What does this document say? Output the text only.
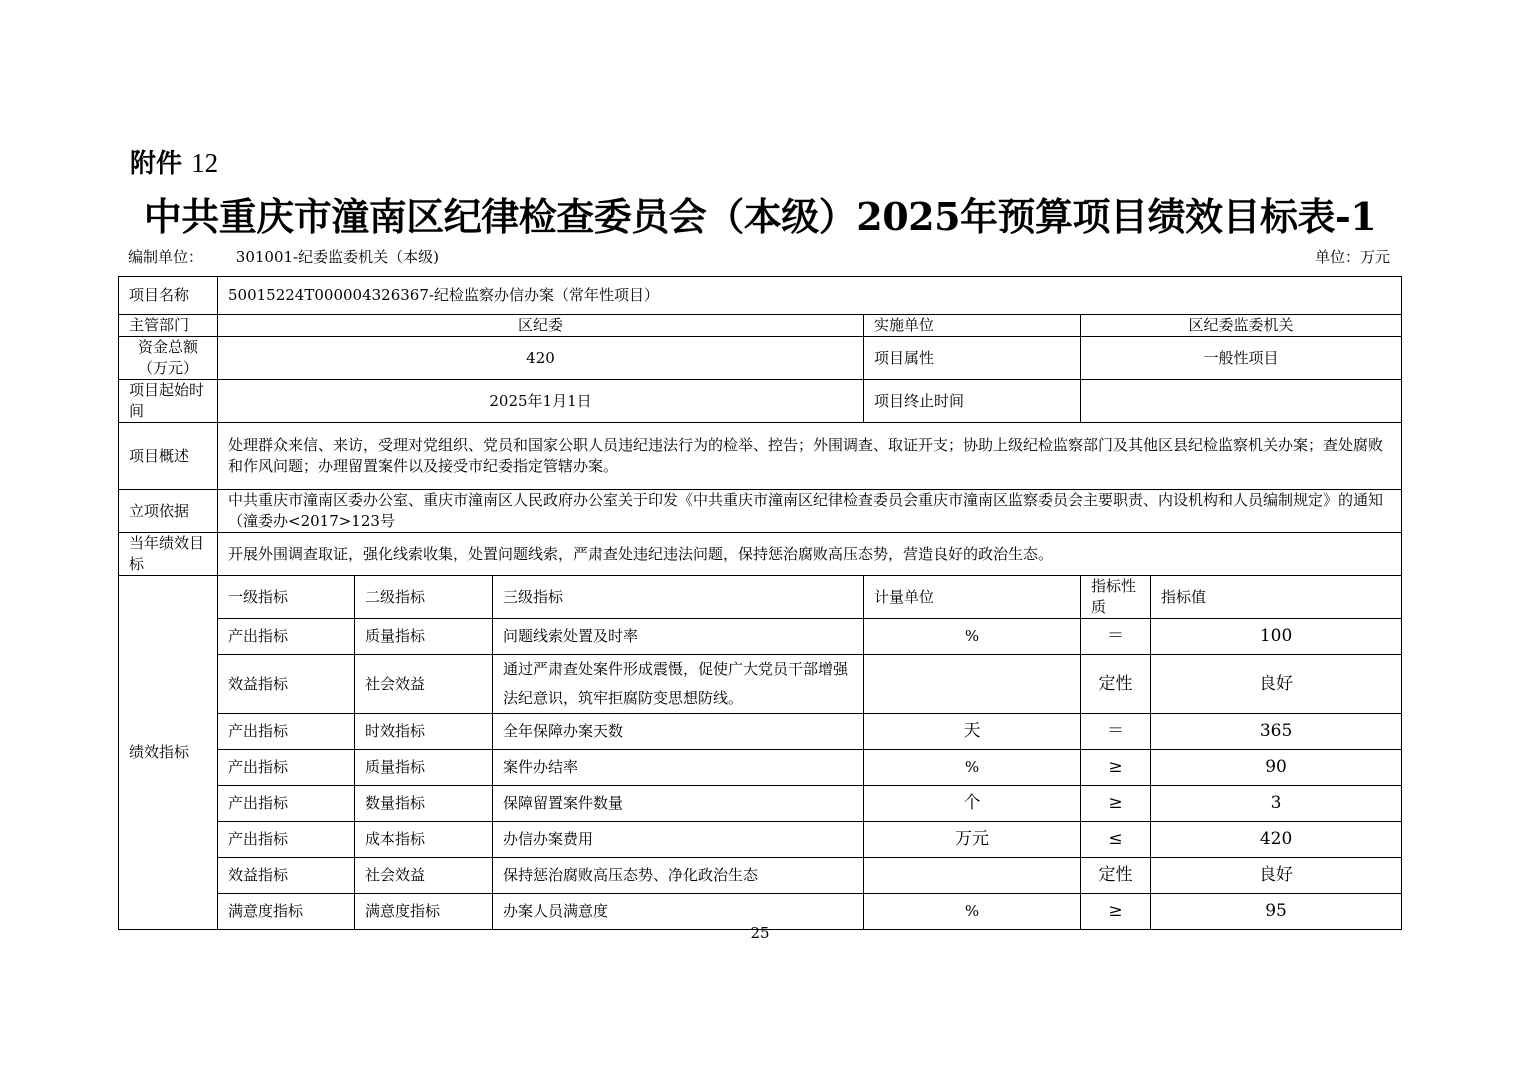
附件 12
中共重庆市潼南区纪律检查委员会（本级）2025年预算项目绩效目标表-1
编制单位： 301001-纪委监委机关（本级)	单位：万元
项目名称	50015224T000004326367-纪检监察办信办案（常年性项目）					
主管部门	区纪委			实施单位	区纪委监委机关	
资金总额（万元）	420			项目属性	一般性项目	
项目起始时间	2025年1月1日			项目终止时间		
项目概述	处理群众来信、来访，受理对党组织、党员和国家公职人员违纪违法行为的检举、控告；外围调查、取证开支；协助上级纪检监察部门及其他区县纪检监察机关办案；查处腐败和作风问题；办理留置案件以及接受市纪委指定管辖办案。					
立项依据	中共重庆市潼南区委办公室、重庆市潼南区人民政府办公室关于印发《中共重庆市潼南区纪律检查委员会重庆市潼南区监察委员会主要职责、内设机构和人员编制规定》的通知（潼委办<2017>123号					
当年绩效目标	开展外围调查取证，强化线索收集，处置问题线索，严肃查处违纪违法问题，保持惩治腐败高压态势，营造良好的政治生态。					
绩效指标	一级指标	二级指标	三级指标	计量单位	指标性质	指标值
	产出指标	质量指标	问题线索处置及时率	%	＝	100
	效益指标	社会效益	通过严肃查处案件形成震慑，促使广大党员干部增强法纪意识，筑牢拒腐防变思想防线。		定性	良好
	产出指标	时效指标	全年保障办案天数	天	＝	365
	产出指标	质量指标	案件办结率	%	≥	90
	产出指标	数量指标	保障留置案件数量	个	≥	3
	产出指标	成本指标	办信办案费用	万元	≤	420
	效益指标	社会效益	保持惩治腐败高压态势、净化政治生态		定性	良好
	满意度指标	满意度指标	办案人员满意度	%	≥	95
25
